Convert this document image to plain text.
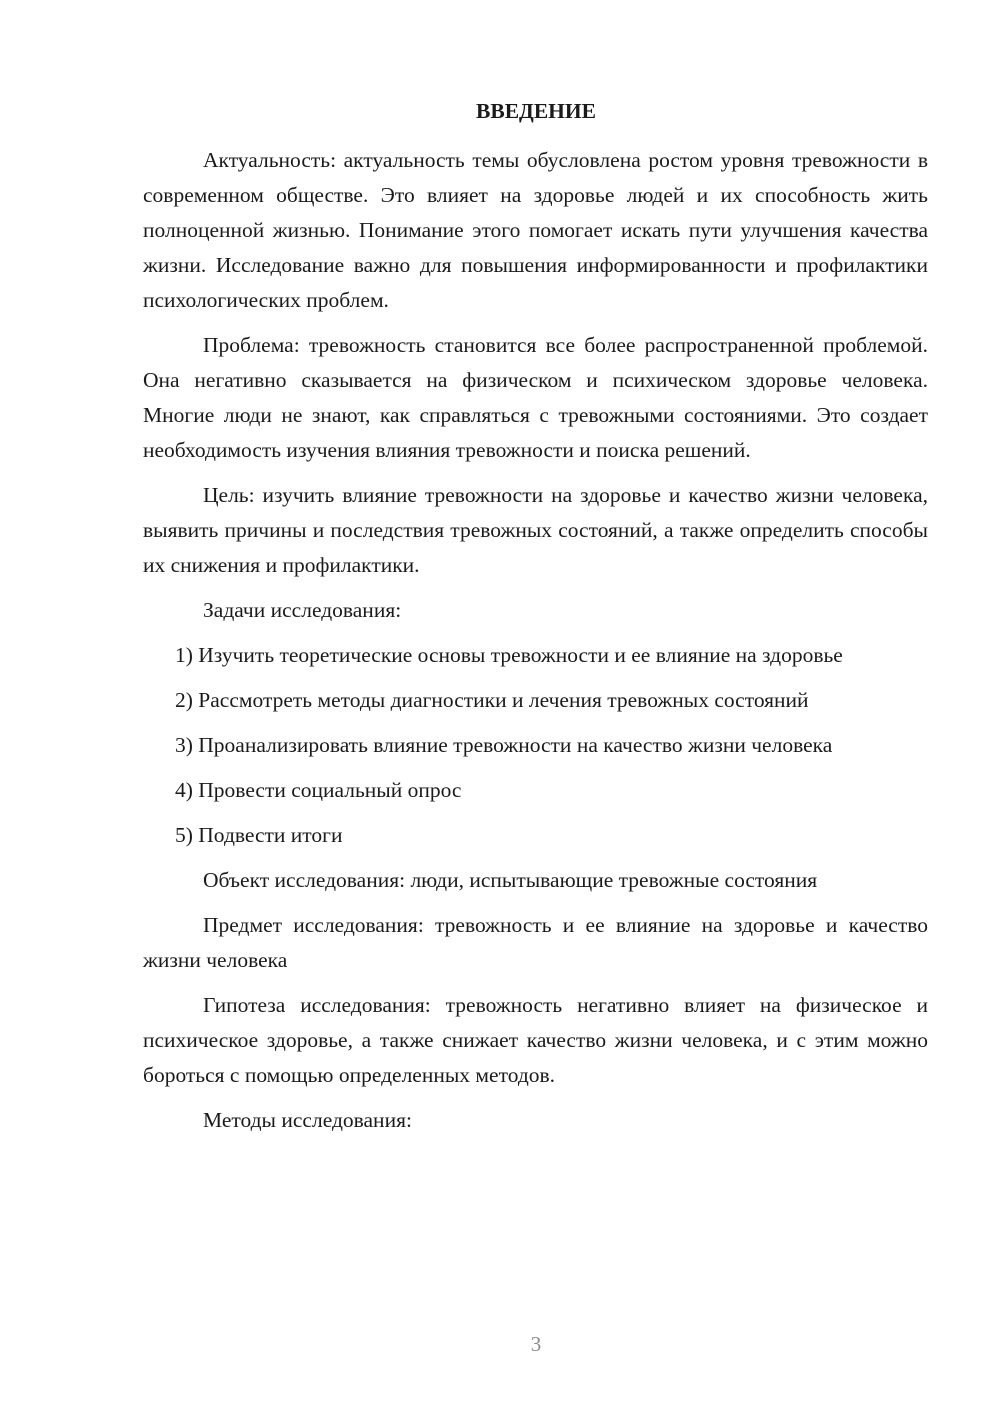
ВВЕДЕНИЕ

Актуальность: актуальность темы обусловлена ростом уровня тревожности в современном обществе. Это влияет на здоровье людей и их способность жить полноценной жизнью. Понимание этого помогает искать пути улучшения качества жизни. Исследование важно для повышения информированности и профилактики психологических проблем.

Проблема: тревожность становится все более распространенной проблемой. Она негативно сказывается на физическом и психическом здоровье человека. Многие люди не знают, как справляться с тревожными состояниями. Это создает необходимость изучения влияния тревожности и поиска решений.

Цель: изучить влияние тревожности на здоровье и качество жизни человека, выявить причины и последствия тревожных состояний, а также определить способы их снижения и профилактики.

Задачи исследования:

1) Изучить теоретические основы тревожности и ее влияние на здоровье

2) Рассмотреть методы диагностики и лечения тревожных состояний

3) Проанализировать влияние тревожности на качество жизни человека

4) Провести социальный опрос

5) Подвести итоги

Объект исследования: люди, испытывающие тревожные состояния

Предмет исследования: тревожность и ее влияние на здоровье и качество жизни человека

Гипотеза исследования: тревожность негативно влияет на физическое и психическое здоровье, а также снижает качество жизни человека, и с этим можно бороться с помощью определенных методов.

Методы исследования:

3
